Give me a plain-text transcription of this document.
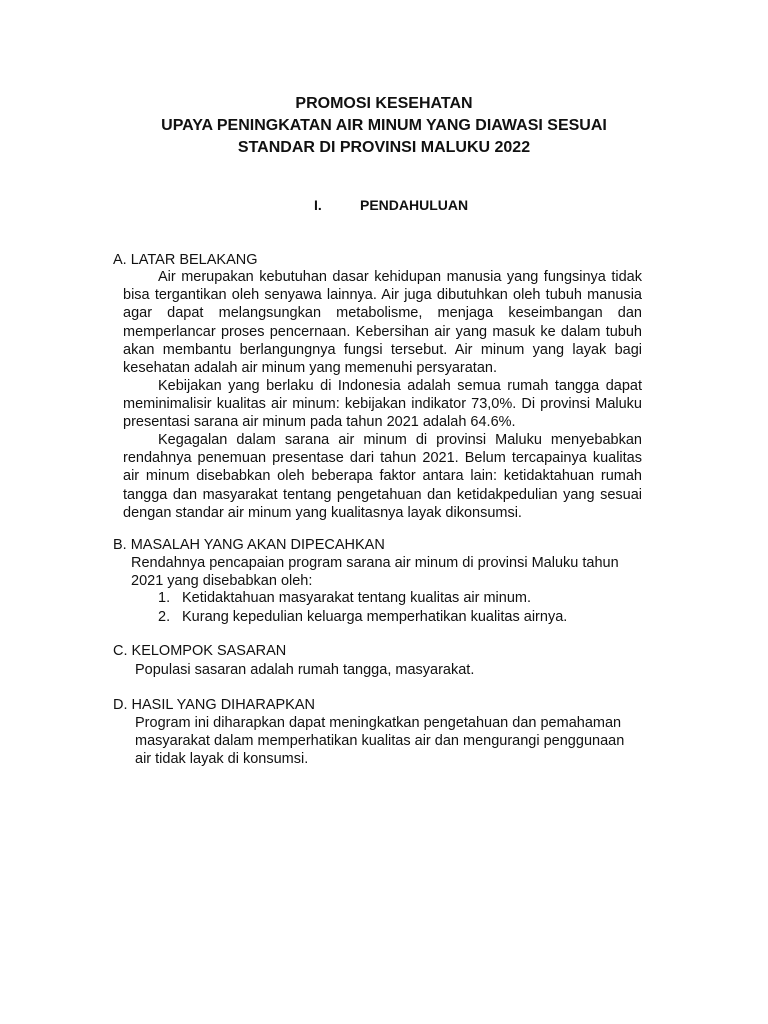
PROMOSI KESEHATAN
UPAYA PENINGKATAN AIR MINUM YANG DIAWASI SESUAI
STANDAR DI PROVINSI MALUKU 2022
I.	PENDAHULUAN
A. LATAR BELAKANG
Air merupakan kebutuhan dasar kehidupan manusia yang fungsinya tidak bisa tergantikan oleh senyawa lainnya. Air juga dibutuhkan oleh tubuh manusia agar dapat melangsungkan metabolisme, menjaga keseimbangan dan memperlancar proses pencernaan. Kebersihan air yang masuk ke dalam tubuh akan membantu berlangungnya fungsi tersebut. Air minum yang layak bagi kesehatan adalah air minum yang memenuhi persyaratan.
Kebijakan yang berlaku di Indonesia adalah semua rumah tangga dapat meminimalisir kualitas air minum: kebijakan indikator 73,0%. Di provinsi Maluku presentasi sarana air minum pada tahun 2021 adalah 64.6%.
Kegagalan dalam sarana air minum di provinsi Maluku menyebabkan rendahnya penemuan presentase dari tahun 2021. Belum tercapainya kualitas air minum disebabkan oleh beberapa faktor antara lain: ketidaktahuan rumah tangga dan masyarakat tentang pengetahuan dan ketidakpedulian yang sesuai dengan standar air minum yang kualitasnya layak dikonsumsi.
B. MASALAH YANG AKAN DIPECAHKAN
Rendahnya pencapaian program sarana air minum di provinsi Maluku tahun
2021 yang disebabkan oleh:
1. Ketidaktahuan masyarakat tentang kualitas air minum.
2. Kurang kepedulian keluarga memperhatikan kualitas airnya.
C. KELOMPOK SASARAN
Populasi sasaran adalah rumah tangga, masyarakat.
D. HASIL YANG DIHARAPKAN
Program ini diharapkan dapat meningkatkan pengetahuan dan pemahaman
masyarakat dalam memperhatikan kualitas air dan mengurangi penggunaan
air tidak layak di konsumsi.
